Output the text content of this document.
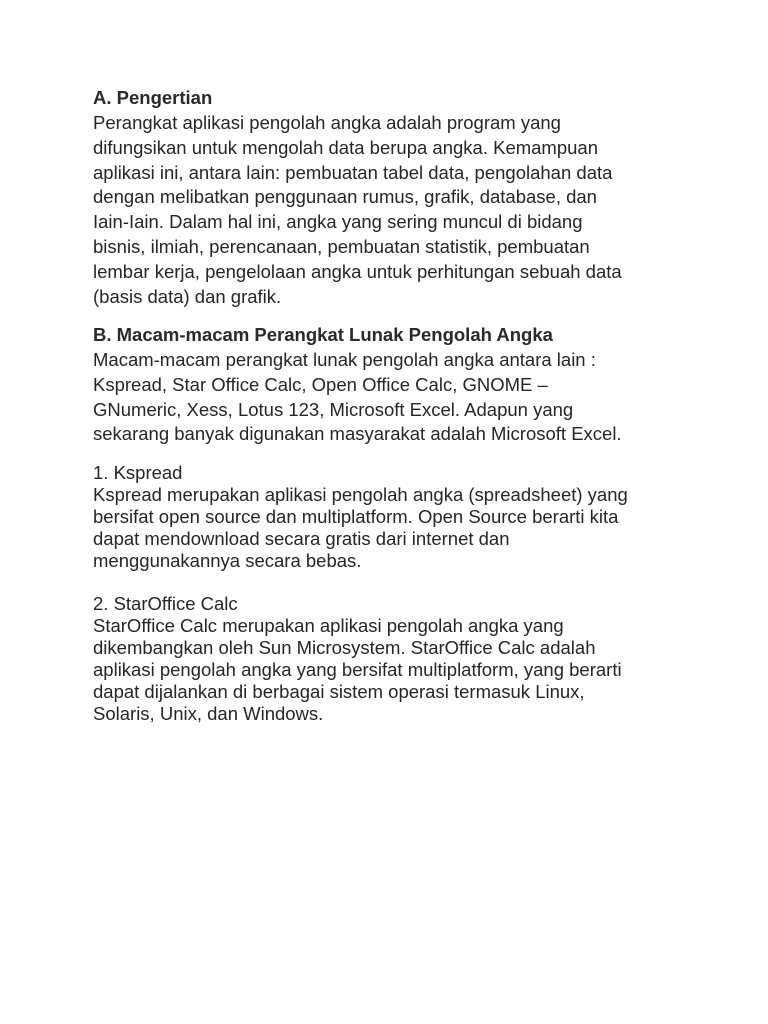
A. Pengertian

Perangkat aplikasi pengolah angka adalah program yang
difungsikan untuk mengolah data berupa angka. Kemampuan
aplikasi ini, antara lain: pembuatan tabel data, pengolahan data
dengan melibatkan penggunaan rumus, grafik, database, dan
Iain-Iain. Dalam hal ini, angka yang sering muncul di bidang
bisnis, ilmiah, perencanaan, pembuatan statistik, pembuatan
lembar kerja, pengelolaan angka untuk perhitungan sebuah data
(basis data) dan grafik.

B. Macam-macam Perangkat Lunak Pengolah Angka

Macam-macam perangkat lunak pengolah angka antara lain :
Kspread, Star Office Calc, Open Office Calc, GNOME –
GNumeric, Xess, Lotus 123, Microsoft Excel. Adapun yang
sekarang banyak digunakan masyarakat adalah Microsoft Excel.

1. Kspread

Kspread merupakan aplikasi pengolah angka (spreadsheet) yang
bersifat open source dan multiplatform. Open Source berarti kita
dapat mendownload secara gratis dari internet dan
menggunakannya secara bebas.

2. StarOffice Calc

StarOffice Calc merupakan aplikasi pengolah angka yang
dikembangkan oleh Sun Microsystem. StarOffice Calc adalah
aplikasi pengolah angka yang bersifat multiplatform, yang berarti
dapat dijalankan di berbagai sistem operasi termasuk Linux,
Solaris, Unix, dan Windows.
